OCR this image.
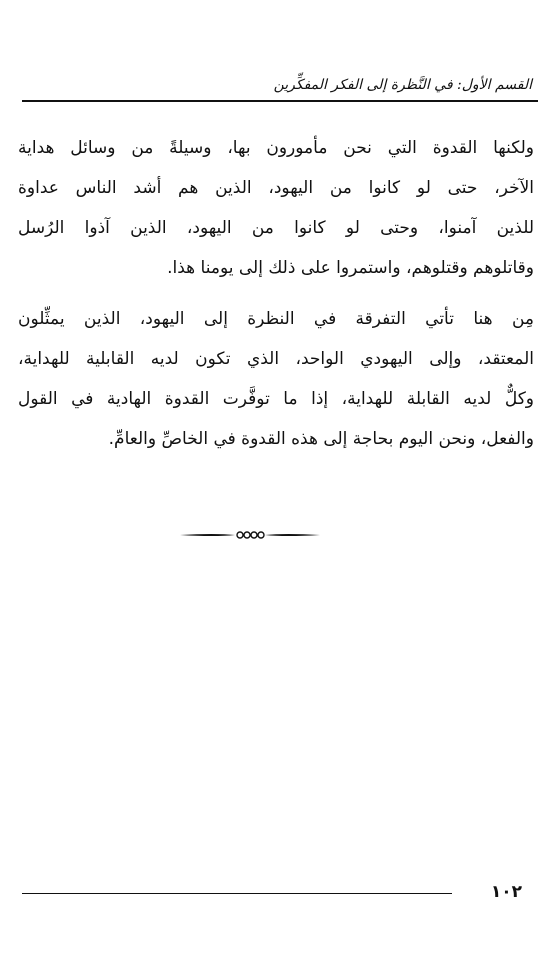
القسم الأول: في النَّظرة إلى الفكر المفكِّرين
ولكنها القدوة التي نحن مأمورون بها، وسيلةً من وسائل هداية
الآخر، حتى لو كانوا من اليهود، الذين هم أشد الناس عداوة
للذين آمنوا، وحتى لو كانوا من اليهود، الذين آذوا الرُسل
وقاتلوهم وقتلوهم، واستمروا على ذلك إلى يومنا هذا.
مِن هنا تأتي التفرقة في النظرة إلى اليهود، الذين يمثِّلون
المعتقد، وإلى اليهودي الواحد، الذي تكون لديه القابلية للهداية،
وكلٌّ لديه القابلة للهداية، إذا ما توفَّرت القدوة الهادية في القول
والفعل، ونحن اليوم بحاجة إلى هذه القدوة في الخاصِّ والعامِّ.
١٠٢
